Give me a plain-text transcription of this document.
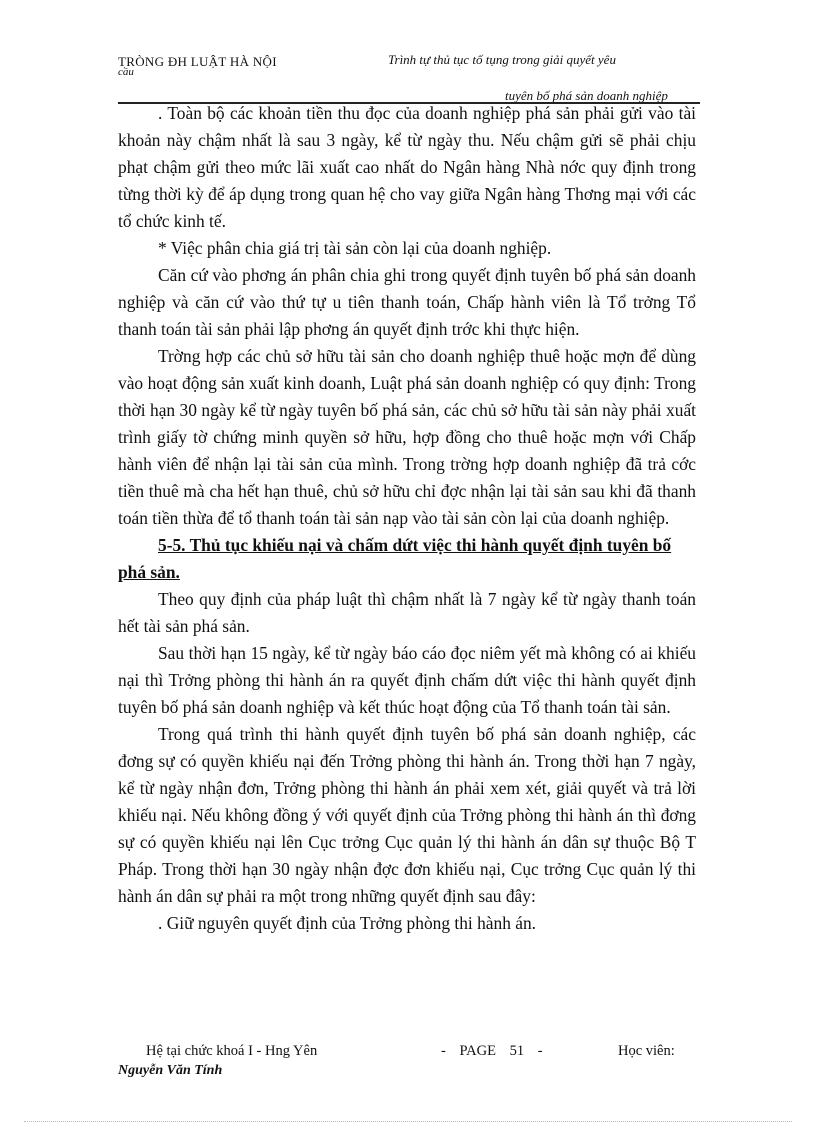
TRÒNG ĐH LUẬT HÀ NỘI
cầu
Trình tự thủ tục tố tụng trong giải quyết yêu
tuyên bố phá sản doanh nghiệp

. Toàn bộ các khoản tiền thu đọc của doanh nghiệp phá sản phải gửi vào tài khoản này chậm nhất là sau 3 ngày, kể từ ngày thu. Nếu chậm gửi sẽ phải chịu phạt chậm gửi theo mức lãi xuất cao nhất do Ngân hàng Nhà nớc quy định trong từng thời kỳ để áp dụng trong quan hệ cho vay giữa Ngân hàng Thơng mại với các tổ chức kinh tế.

* Việc phân chia giá trị tài sản còn lại của doanh nghiệp.

Căn cứ vào phơng án phân chia ghi trong quyết định tuyên bố phá sản doanh nghiệp và căn cứ vào thứ tự u tiên thanh toán, Chấp hành viên là Tổ trởng Tổ thanh toán tài sản phải lập phơng án quyết định trớc khi thực hiện.

Trờng hợp các chủ sở hữu tài sản cho doanh nghiệp thuê hoặc mợn để dùng vào hoạt động sản xuất kinh doanh, Luật phá sản doanh nghiệp có quy định: Trong thời hạn 30 ngày kể từ ngày tuyên bố phá sản, các chủ sở hữu tài sản này phải xuất trình giấy tờ chứng minh quyền sở hữu, hợp đồng cho thuê hoặc mợn với Chấp hành viên để nhận lại tài sản của mình. Trong trờng hợp doanh nghiệp đã trả cớc tiền thuê mà cha hết hạn thuê, chủ sở hữu chỉ đợc nhận lại tài sản sau khi đã thanh toán tiền thừa để tổ thanh toán tài sản nạp vào tài sản còn lại của doanh nghiệp.

5-5. Thủ tục khiếu nại và chấm dứt việc thi hành quyết định tuyên bố phá sản.

Theo quy định của pháp luật thì chậm nhất là 7 ngày kể từ ngày thanh toán hết tài sản phá sản.

Sau thời hạn 15 ngày, kể từ ngày báo cáo đọc niêm yết mà không có ai khiếu nại thì Trởng phòng thi hành án ra quyết định chấm dứt việc thi hành quyết định tuyên bố phá sản doanh nghiệp và kết thúc hoạt động của Tổ thanh toán tài sản.

Trong quá trình thi hành quyết định tuyên bố phá sản doanh nghiệp, các đơng sự có quyền khiếu nại đến Trởng phòng thi hành án. Trong thời hạn 7 ngày, kể từ ngày nhận đơn, Trởng phòng thi hành án phải xem xét, giải quyết và trả lời khiếu nại. Nếu không đồng ý với quyết định của Trởng phòng thi hành án thì đơng sự có quyền khiếu nại lên Cục trởng Cục quản lý thi hành án dân sự thuộc Bộ T Pháp. Trong thời hạn 30 ngày nhận đợc đơn khiếu nại, Cục trởng Cục quản lý thi hành án dân sự phải ra một trong những quyết định sau đây:

. Giữ nguyên quyết định của Trởng phòng thi hành án.

Hệ tại chức khoá I - Hng Yên	- PAGE 51 -	Học viên:
Nguyễn Văn Tính
